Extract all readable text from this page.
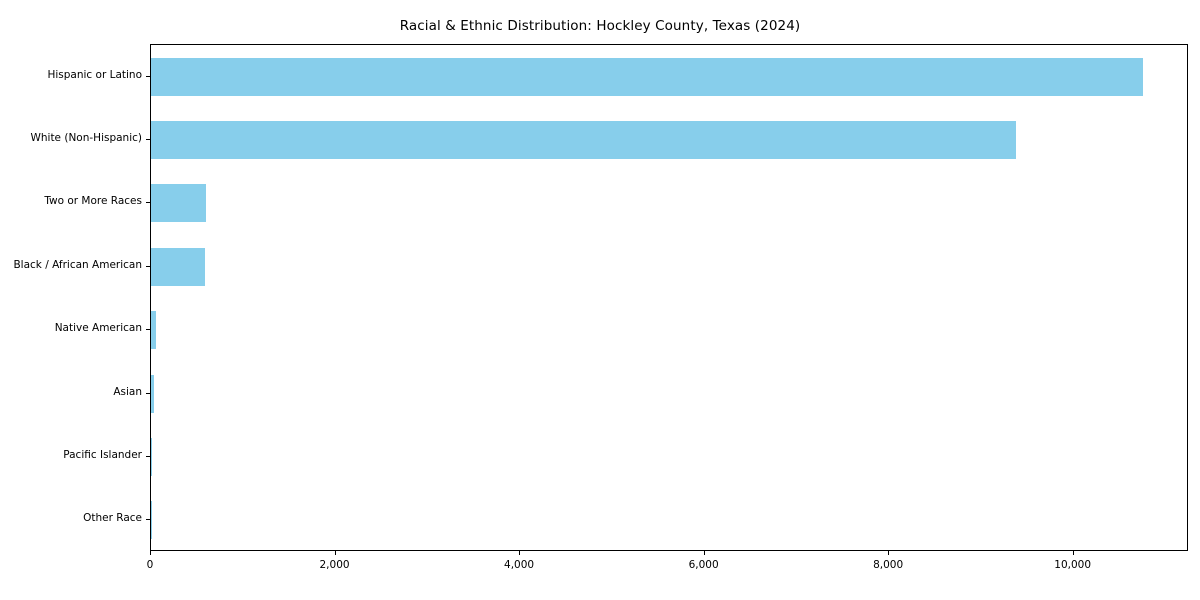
Racial & Ethnic Distribution: Hockley County, Texas (2024)
Hispanic or Latino
White (Non-Hispanic)
Two or More Races
Black / African American
Native American
Asian
Pacific Islander
Other Race
0	2,000	4,000	6,000	8,000	10,000
